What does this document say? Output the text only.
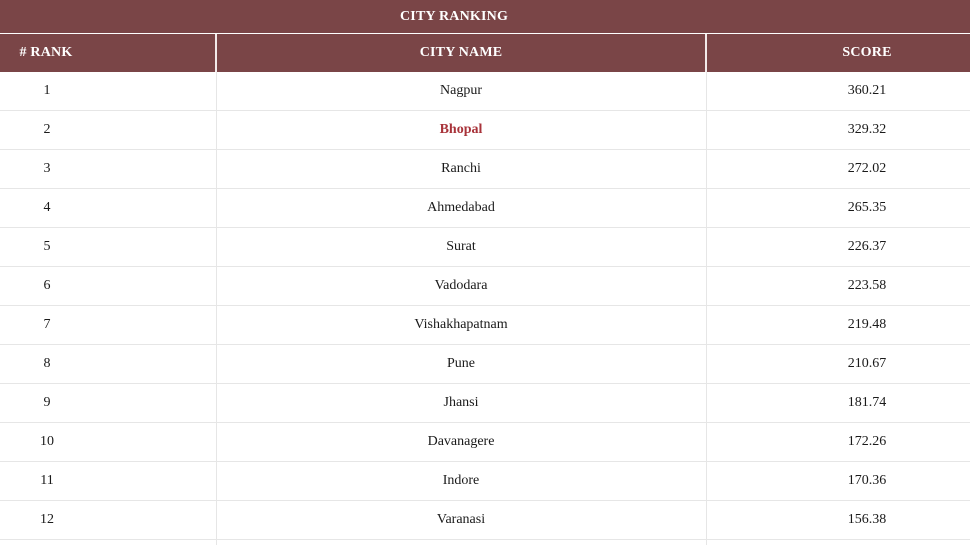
CITY RANKING
# RANK	CITY NAME	SCORE
1	Nagpur	360.21
2	Bhopal	329.32
3	Ranchi	272.02
4	Ahmedabad	265.35
5	Surat	226.37
6	Vadodara	223.58
7	Vishakhapatnam	219.48
8	Pune	210.67
9	Jhansi	181.74
10	Davanagere	172.26
11	Indore	170.36
12	Varanasi	156.38
